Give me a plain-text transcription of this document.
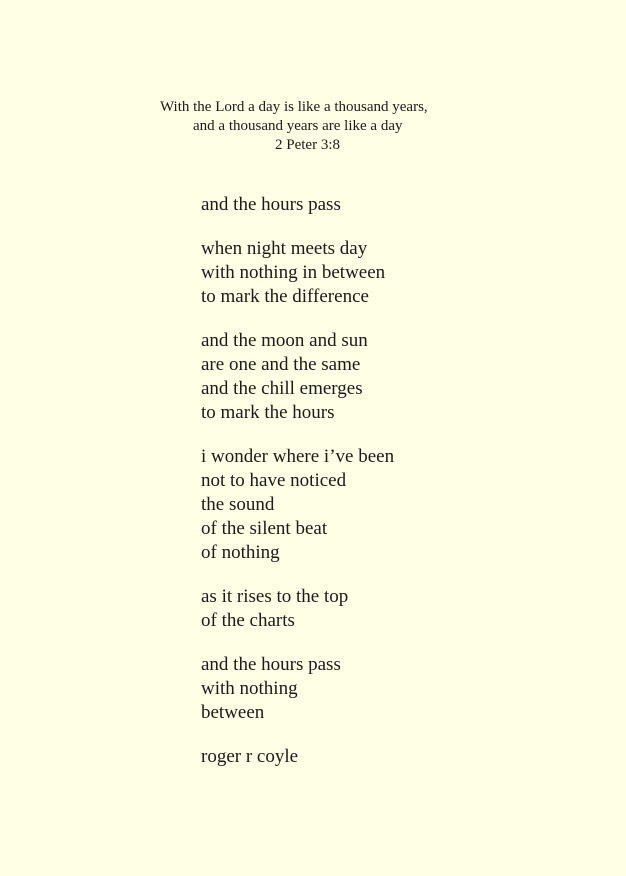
With the Lord a day is like a thousand years,
and a thousand years are like a day
2 Peter 3:8
and the hours pass
when night meets day
with nothing in between
to mark the difference
and the moon and sun
are one and the same
and the chill emerges
to mark the hours
i wonder where i’ve been
not to have noticed
the sound
of the silent beat
of nothing
as it rises to the top
of the charts
and the hours pass
with nothing
between
roger r coyle
